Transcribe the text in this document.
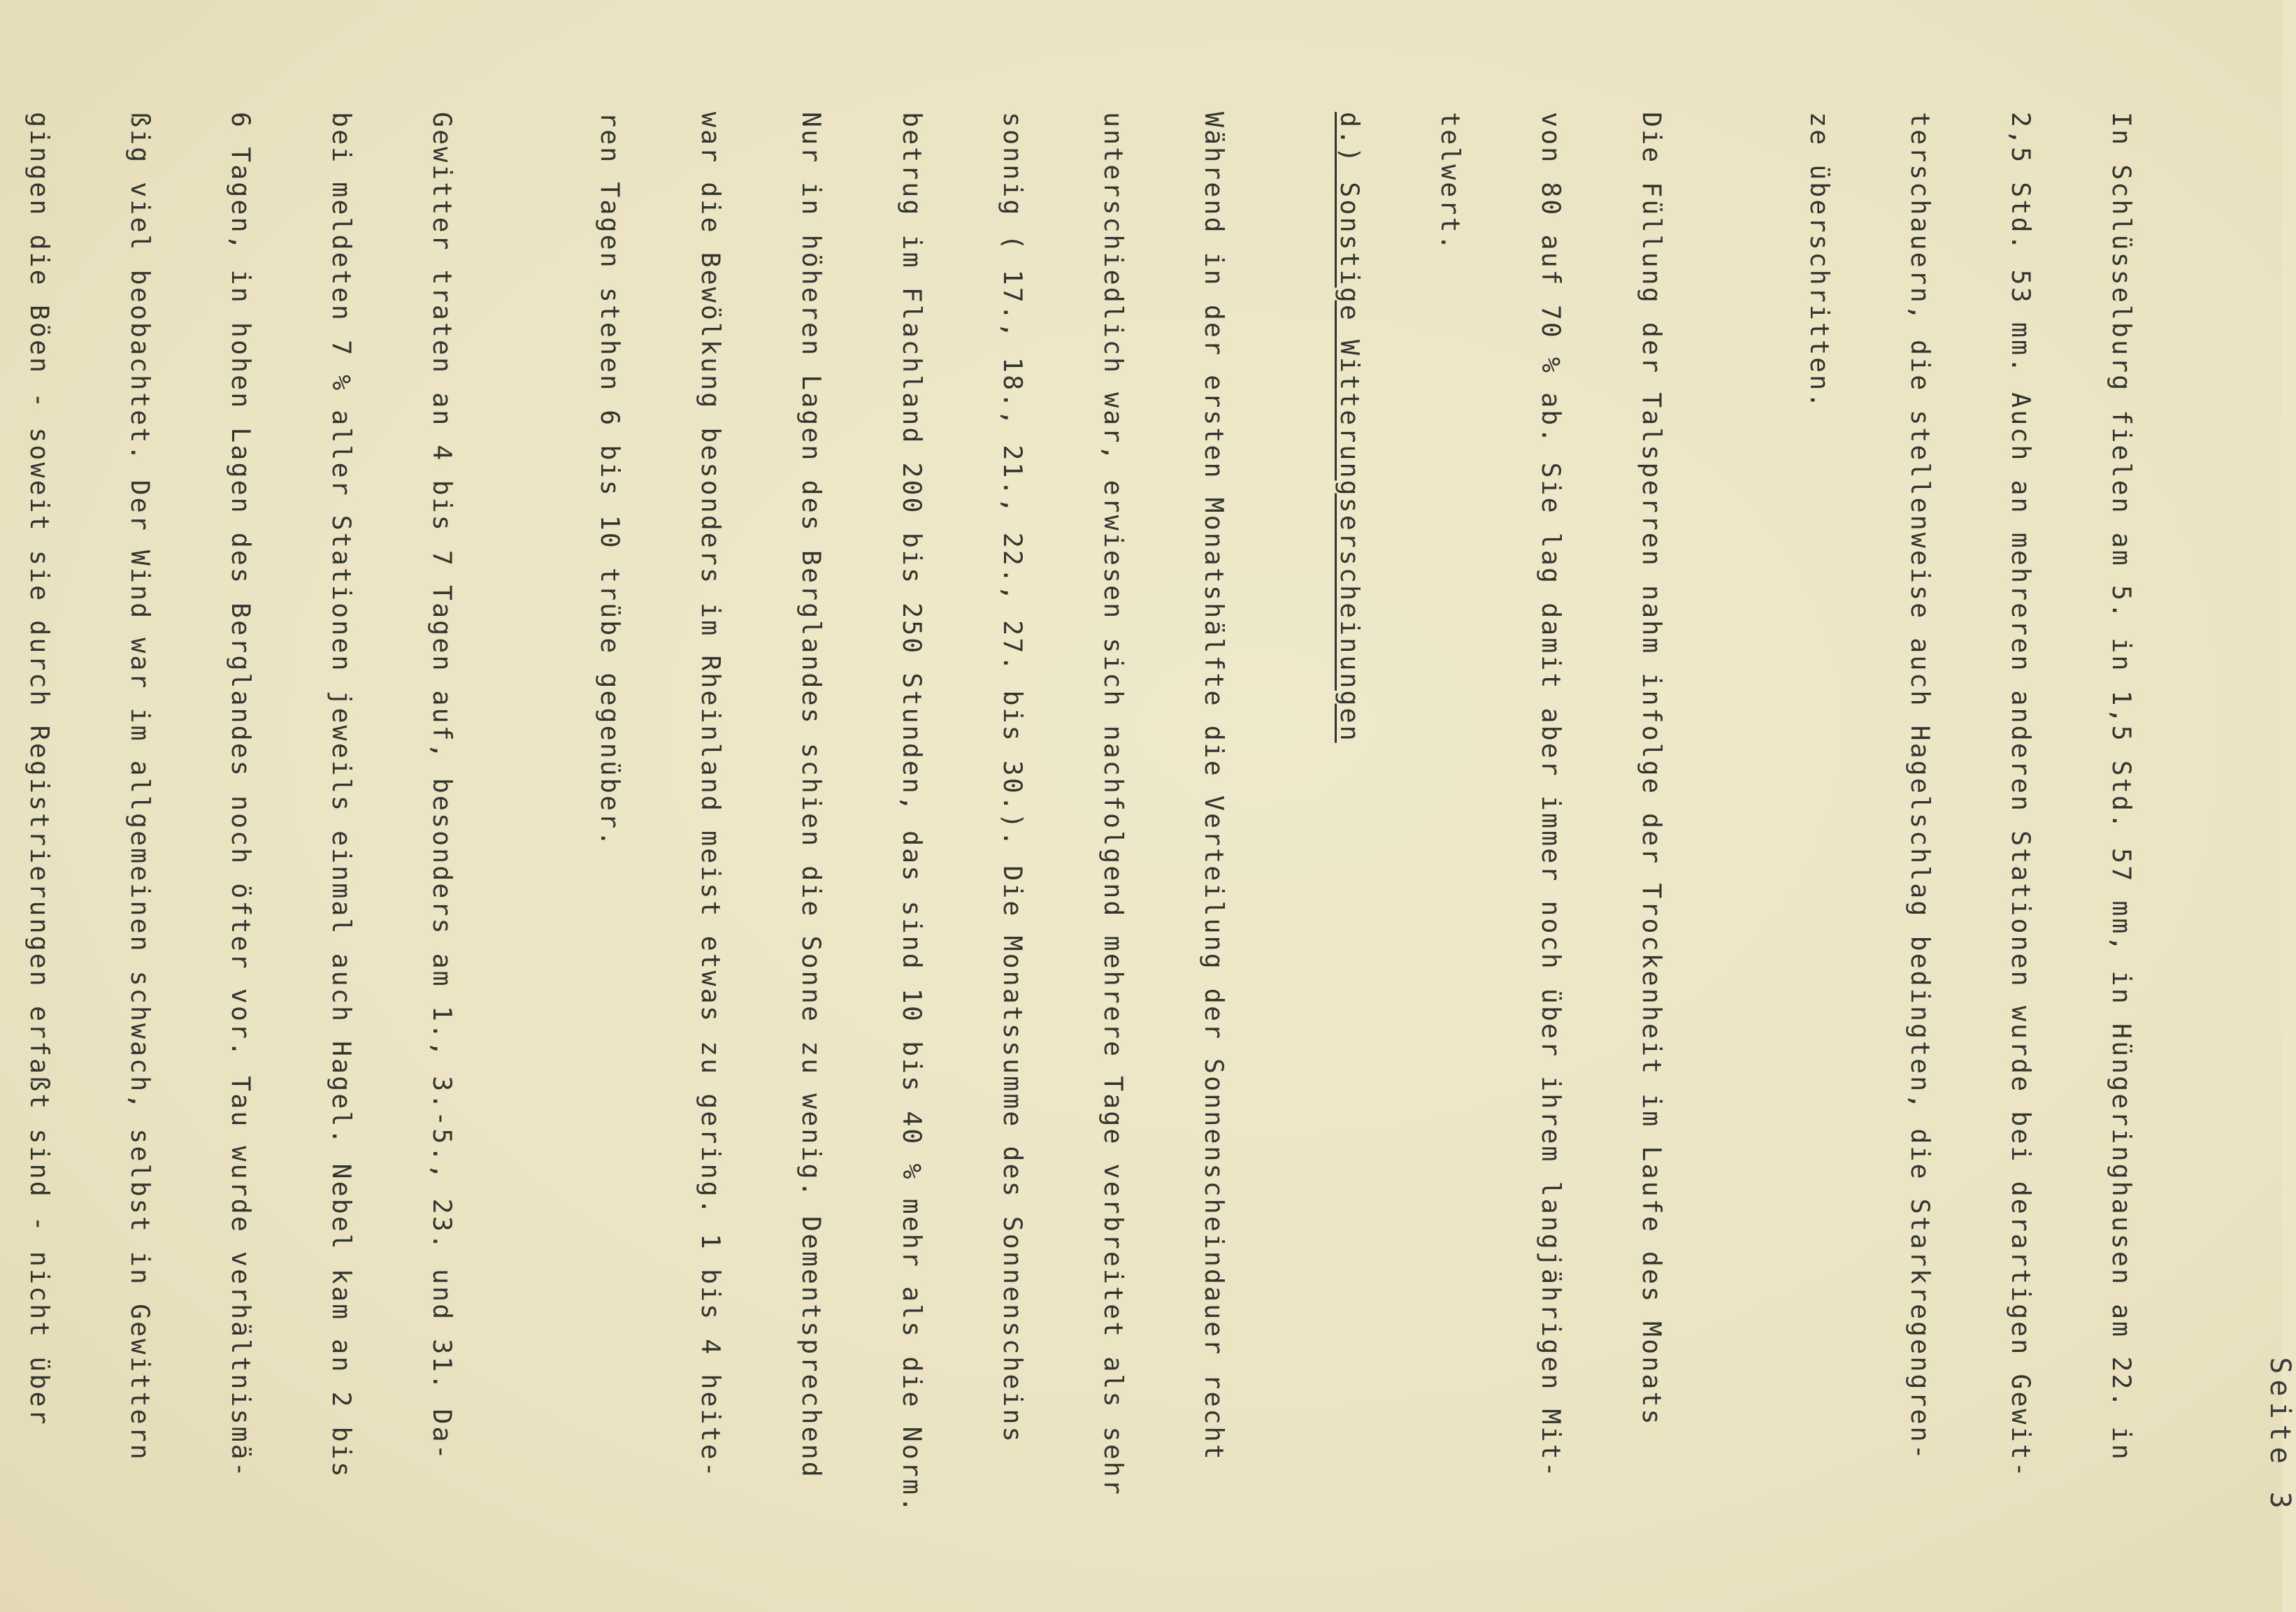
Seite 3

In Schlüsselburg fielen am 5. in 1,5 Std. 57 mm, in Hüngeringhausen am 22. in

2,5 Std. 53 mm. Auch an mehreren anderen Stationen wurde bei derartigen Gewit-

terschauern, die stellenweise auch Hagelschlag bedingten, die Starkregengren-

ze überschritten.

Die Füllung der Talsperren nahm infolge der Trockenheit im Laufe des Monats

von 80 auf 70 % ab. Sie lag damit aber immer noch über ihrem langjährigen Mit-

telwert.

d.) Sonstige Witterungserscheinungen

Während in der ersten Monatshälfte die Verteilung der Sonnenscheindauer recht

unterschiedlich war, erwiesen sich nachfolgend mehrere Tage verbreitet als sehr

sonnig ( 17., 18., 21., 22., 27. bis 30.). Die Monatssumme des Sonnenscheins

betrug im Flachland 200 bis 250 Stunden, das sind 10 bis 40 % mehr als die Norm.

Nur in höheren Lagen des Berglandes schien die Sonne zu wenig. Dementsprechend

war die Bewölkung besonders im Rheinland meist etwas zu gering. 1 bis 4 heite-

ren Tagen stehen 6 bis 10 trübe gegenüber.

Gewitter traten an 4 bis 7 Tagen auf, besonders am 1., 3.-5., 23. und 31. Da-

bei meldeten 7 % aller Stationen jeweils einmal auch Hagel. Nebel kam an 2 bis

6 Tagen, in hohen Lagen des Berglandes noch öfter vor. Tau wurde verhältnismä-

ßig viel beobachtet. Der Wind war im allgemeinen schwach, selbst in Gewittern

gingen die Böen - soweit sie durch Registrierungen erfaßt sind - nicht über
